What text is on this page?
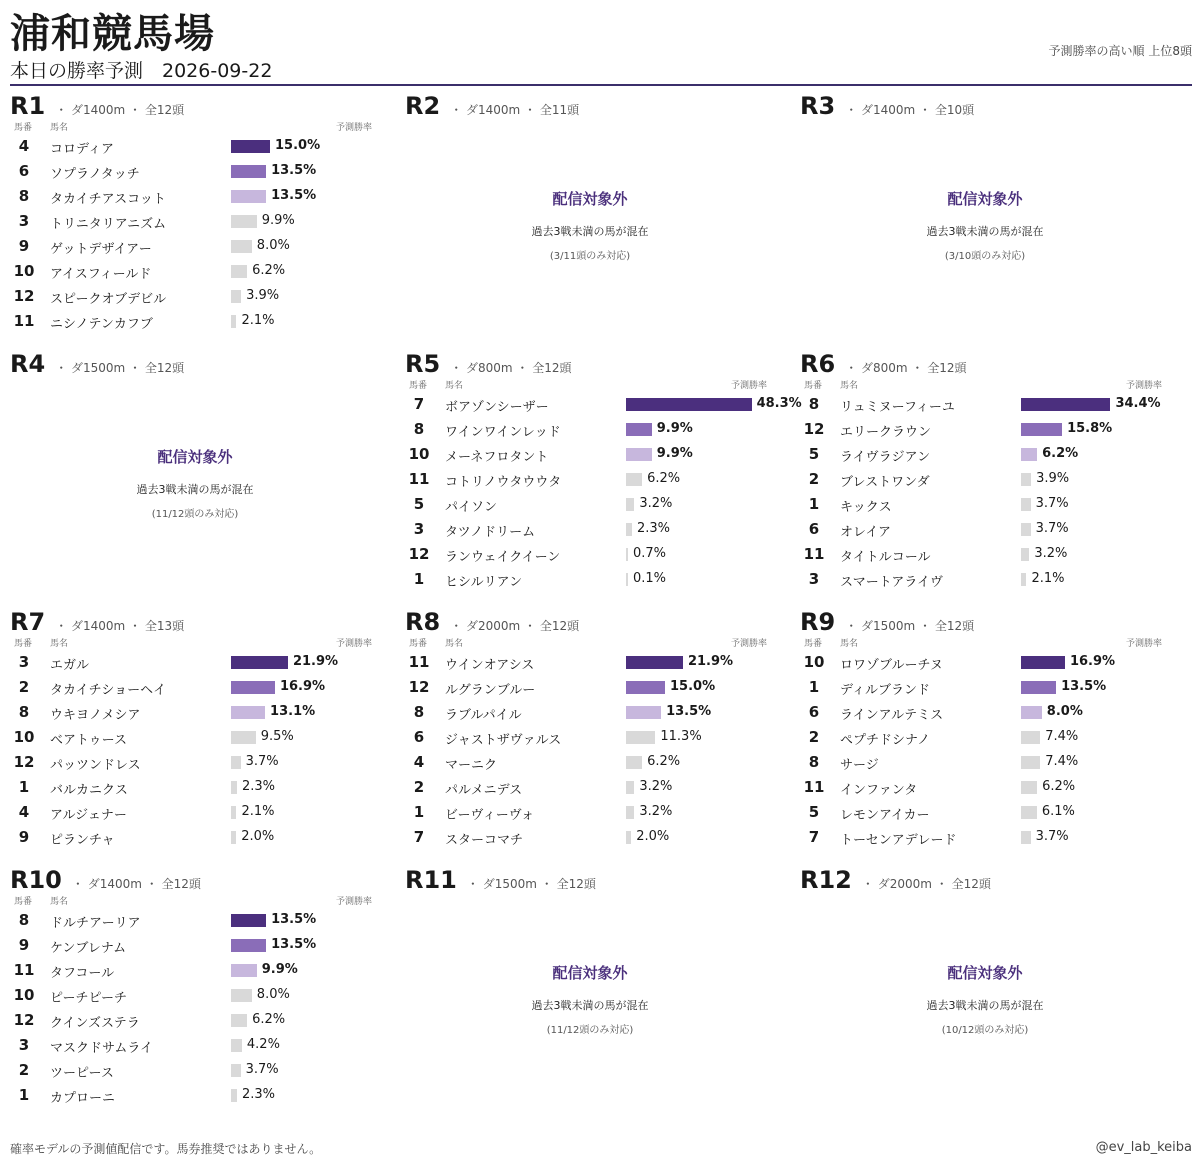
浦和競馬場
本日の勝率予測　2026-09-22
予測勝率の高い順 上位8頭
R1 ・ ダ1400m ・ 全12頭
馬番 馬名	予測勝率
4	コロディア	15.0%
6	ソプラノタッチ	13.5%
8	タカイチアスコット	13.5%
3	トリニタリアニズム	9.9%
9	ゲットデザイアー	8.0%
10 アイスフィールド	6.2%
12 スピークオブデビル	3.9%
11 ニシノテンカフブ	2.1%
R2 ・ ダ1400m ・ 全11頭
配信対象外
過去3戦未満の馬が混在
(3/11頭のみ対応)
R3 ・ ダ1400m ・ 全10頭
配信対象外
過去3戦未満の馬が混在
(3/10頭のみ対応)
R4 ・ ダ1500m ・ 全12頭
配信対象外
過去3戦未満の馬が混在
(11/12頭のみ対応)
R5 ・ ダ800m ・ 全12頭
馬番 馬名	予測勝率
7	ボアゾンシーザー	48.3%
8	ワインワインレッド	9.9%
10 メーネフロタント	9.9%
11 コトリノウタウウタ	6.2%
5	パイソン	3.2%
3	タツノドリーム	2.3%
12 ランウェイクイーン	0.7%
1	ヒシルリアン	0.1%
R6 ・ ダ800m ・ 全12頭
馬番 馬名	予測勝率
8	リュミヌーフィーユ	34.4%
12 エリークラウン	15.8%
5	ライヴラジアン	6.2%
2	ブレストワンダ	3.9%
1	キックス	3.7%
6	オレイア	3.7%
11 タイトルコール	3.2%
3	スマートアライヴ	2.1%
R7 ・ ダ1400m ・ 全13頭
馬番 馬名	予測勝率
3	エガル	21.9%
2	タカイチショーヘイ	16.9%
8	ウキヨノメシア	13.1%
10 ベアトゥース	9.5%
12 パッツンドレス	3.7%
1	バルカニクス	2.3%
4	アルジェナー	2.1%
9	ピランチャ	2.0%
R8 ・ ダ2000m ・ 全12頭
馬番 馬名	予測勝率
11 ウインオアシス	21.9%
12 ルグランブルー	15.0%
8	ラブルパイル	13.5%
6	ジャストザヴァルス	11.3%
4	マーニク	6.2%
2	パルメニデス	3.2%
1	ビーヴィーヴォ	3.2%
7	スターコマチ	2.0%
R9 ・ ダ1500m ・ 全12頭
馬番 馬名	予測勝率
10 ロワゾブルーチヌ	16.9%
1	ディルブランド	13.5%
6	ラインアルテミス	8.0%
2	ペプチドシナノ	7.4%
8	サージ	7.4%
11 インファンタ	6.2%
5	レモンアイカー	6.1%
7	トーセンアデレード	3.7%
R10 ・ ダ1400m ・ 全12頭
馬番 馬名	予測勝率
8	ドルチアーリア	13.5%
9	ケンブレナム	13.5%
11 タフコール	9.9%
10 ピーチピーチ	8.0%
12 クインズステラ	6.2%
3	マスクドサムライ	4.2%
2	ツーピース	3.7%
1	カプローニ	2.3%
R11 ・ ダ1500m ・ 全12頭
配信対象外
過去3戦未満の馬が混在
(11/12頭のみ対応)
R12 ・ ダ2000m ・ 全12頭
配信対象外
過去3戦未満の馬が混在
(10/12頭のみ対応)
確率モデルの予測値配信です。馬券推奨ではありません。	@ev_lab_keiba
